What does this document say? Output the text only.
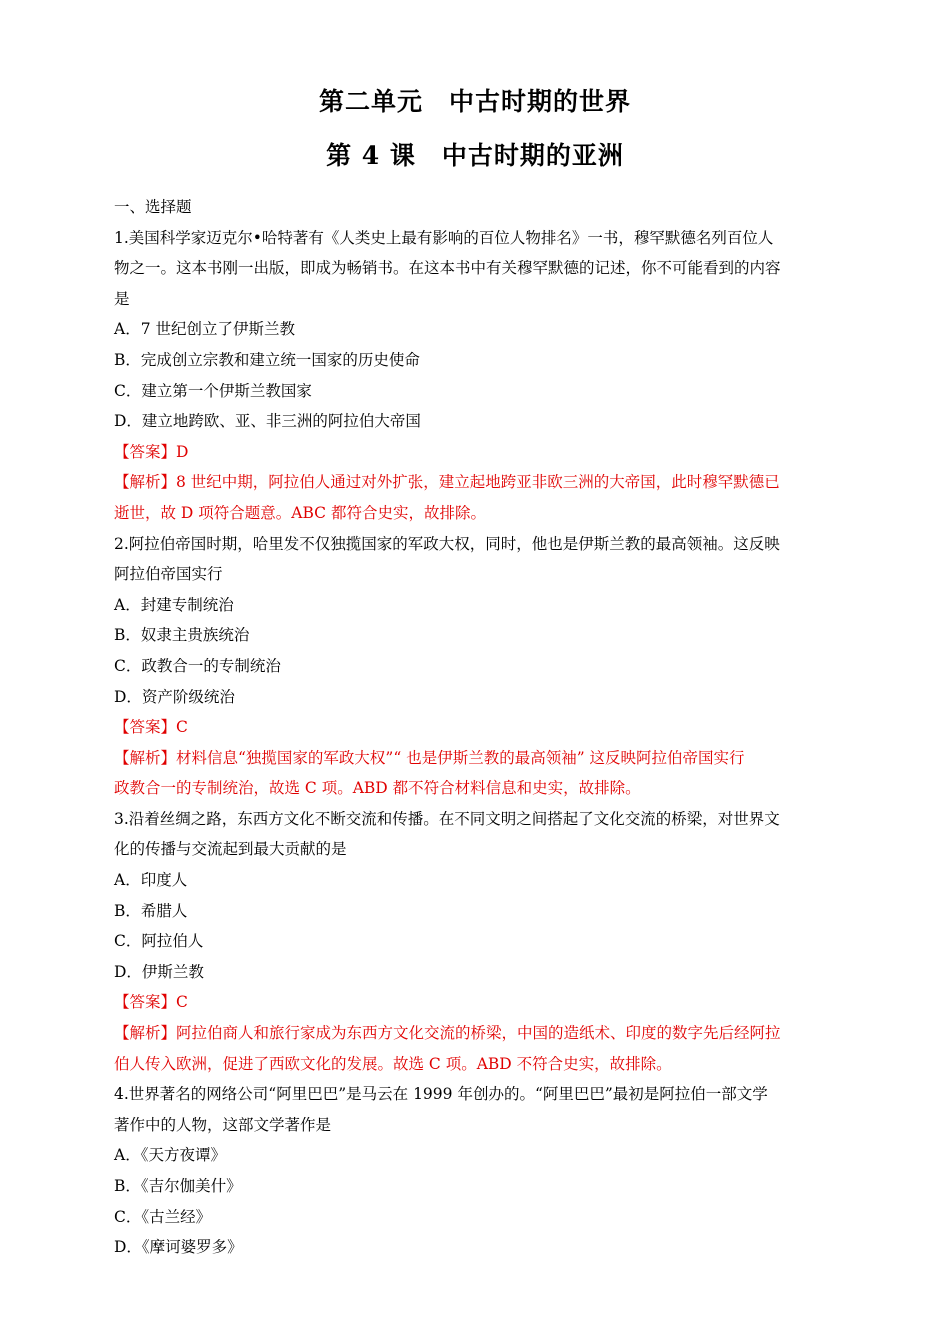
第二单元　中古时期的世界
第 4 课　中古时期的亚洲
一、选择题
1.美国科学家迈克尔•哈特著有《人类史上最有影响的百位人物排名》一书，穆罕默德名列百位人
物之一。这本书刚一出版，即成为畅销书。在这本书中有关穆罕默德的记述，你不可能看到的内容
是
A．7 世纪创立了伊斯兰教
B．完成创立宗教和建立统一国家的历史使命
C．建立第一个伊斯兰教国家
D．建立地跨欧、亚、非三洲的阿拉伯大帝国
【答案】D
【解析】8 世纪中期，阿拉伯人通过对外扩张，建立起地跨亚非欧三洲的大帝国，此时穆罕默德已
逝世，故 D 项符合题意。ABC 都符合史实，故排除。
2.阿拉伯帝国时期，哈里发不仅独揽国家的军政大权，同时，他也是伊斯兰教的最高领袖。这反映
阿拉伯帝国实行
A．封建专制统治
B．奴隶主贵族统治
C．政教合一的专制统治
D．资产阶级统治
【答案】C
【解析】材料信息“独揽国家的军政大权”“ 也是伊斯兰教的最高领袖” 这反映阿拉伯帝国实行
政教合一的专制统治，故选 C 项。ABD 都不符合材料信息和史实，故排除。
3.沿着丝绸之路，东西方文化不断交流和传播。在不同文明之间搭起了文化交流的桥梁，对世界文
化的传播与交流起到最大贡献的是
A．印度人
B．希腊人
C．阿拉伯人
D．伊斯兰教
【答案】C
【解析】阿拉伯商人和旅行家成为东西方文化交流的桥梁，中国的造纸术、印度的数字先后经阿拉
伯人传入欧洲，促进了西欧文化的发展。故选 C 项。ABD 不符合史实，故排除。
4.世界著名的网络公司“阿里巴巴”是马云在 1999 年创办的。“阿里巴巴”最初是阿拉伯一部文学
著作中的人物，这部文学著作是
A．《天方夜谭》
B．《吉尔伽美什》
C．《古兰经》
D．《摩诃婆罗多》
